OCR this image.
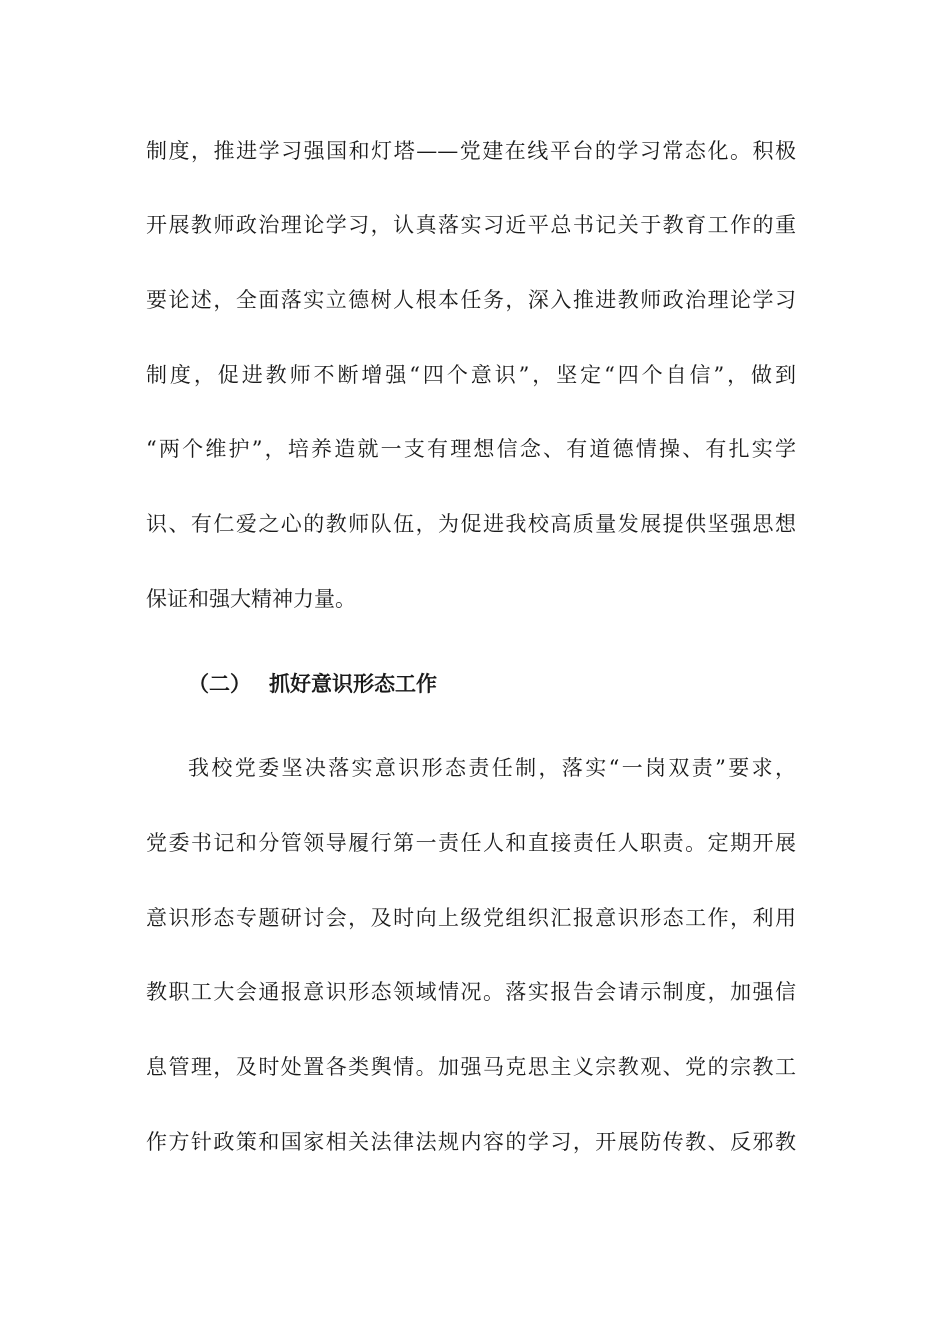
制度，推进学习强国和灯塔——党建在线平台的学习常态化。积极
开展教师政治理论学习，认真落实习近平总书记关于教育工作的重
要论述，全面落实立德树人根本任务，深入推进教师政治理论学习
制度，促进教师不断增强“四个意识”，坚定“四个自信”，做到
“两个维护”，培养造就一支有理想信念、有道德情操、有扎实学
识、有仁爱之心的教师队伍，为促进我校高质量发展提供坚强思想
保证和强大精神力量。
（二） 抓好意识形态工作
我校党委坚决落实意识形态责任制，落实“一岗双责”要求，
党委书记和分管领导履行第一责任人和直接责任人职责。定期开展
意识形态专题研讨会，及时向上级党组织汇报意识形态工作，利用
教职工大会通报意识形态领域情况。落实报告会请示制度，加强信
息管理，及时处置各类舆情。加强马克思主义宗教观、党的宗教工
作方针政策和国家相关法律法规内容的学习，开展防传教、反邪教
